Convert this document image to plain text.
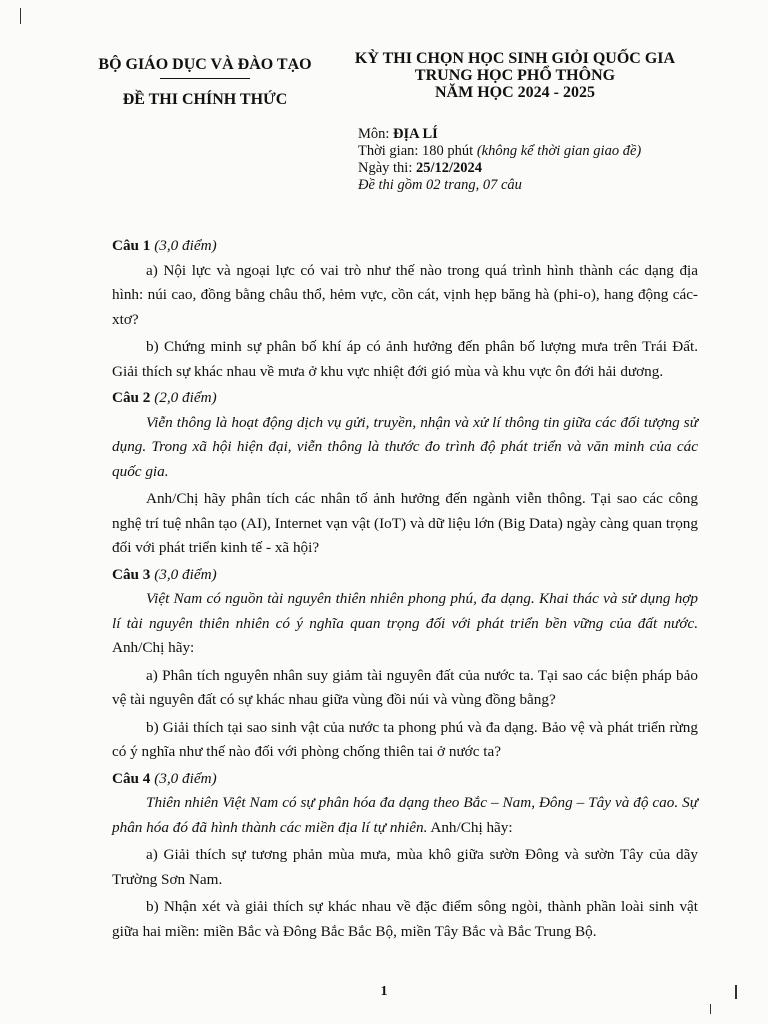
BỘ GIÁO DỤC VÀ ĐÀO TẠO
ĐỀ THI CHÍNH THỨC
KỲ THI CHỌN HỌC SINH GIỎI QUỐC GIA
TRUNG HỌC PHỔ THÔNG
NĂM HỌC 2024 - 2025
Môn: ĐỊA LÍ
Thời gian: 180 phút (không kể thời gian giao đề)
Ngày thi: 25/12/2024
Đề thi gồm 02 trang, 07 câu
Câu 1 (3,0 điểm)
a) Nội lực và ngoại lực có vai trò như thế nào trong quá trình hình thành các dạng địa hình: núi cao, đồng bằng châu thổ, hẻm vực, cồn cát, vịnh hẹp băng hà (phi-o), hang động các-xtơ?
b) Chứng minh sự phân bố khí áp có ảnh hưởng đến phân bố lượng mưa trên Trái Đất. Giải thích sự khác nhau về mưa ở khu vực nhiệt đới gió mùa và khu vực ôn đới hải dương.
Câu 2 (2,0 điểm)
Viễn thông là hoạt động dịch vụ gửi, truyền, nhận và xử lí thông tin giữa các đối tượng sử dụng. Trong xã hội hiện đại, viễn thông là thước đo trình độ phát triển và văn minh của các quốc gia.
Anh/Chị hãy phân tích các nhân tố ảnh hưởng đến ngành viễn thông. Tại sao các công nghệ trí tuệ nhân tạo (AI), Internet vạn vật (IoT) và dữ liệu lớn (Big Data) ngày càng quan trọng đối với phát triển kinh tế - xã hội?
Câu 3 (3,0 điểm)
Việt Nam có nguồn tài nguyên thiên nhiên phong phú, đa dạng. Khai thác và sử dụng hợp lí tài nguyên thiên nhiên có ý nghĩa quan trọng đối với phát triển bền vững của đất nước. Anh/Chị hãy:
a) Phân tích nguyên nhân suy giảm tài nguyên đất của nước ta. Tại sao các biện pháp bảo vệ tài nguyên đất có sự khác nhau giữa vùng đồi núi và vùng đồng bằng?
b) Giải thích tại sao sinh vật của nước ta phong phú và đa dạng. Bảo vệ và phát triển rừng có ý nghĩa như thế nào đối với phòng chống thiên tai ở nước ta?
Câu 4 (3,0 điểm)
Thiên nhiên Việt Nam có sự phân hóa đa dạng theo Bắc – Nam, Đông – Tây và độ cao. Sự phân hóa đó đã hình thành các miền địa lí tự nhiên. Anh/Chị hãy:
a) Giải thích sự tương phản mùa mưa, mùa khô giữa sườn Đông và sườn Tây của dãy Trường Sơn Nam.
b) Nhận xét và giải thích sự khác nhau về đặc điểm sông ngòi, thành phần loài sinh vật giữa hai miền: miền Bắc và Đông Bắc Bắc Bộ, miền Tây Bắc và Bắc Trung Bộ.
1
